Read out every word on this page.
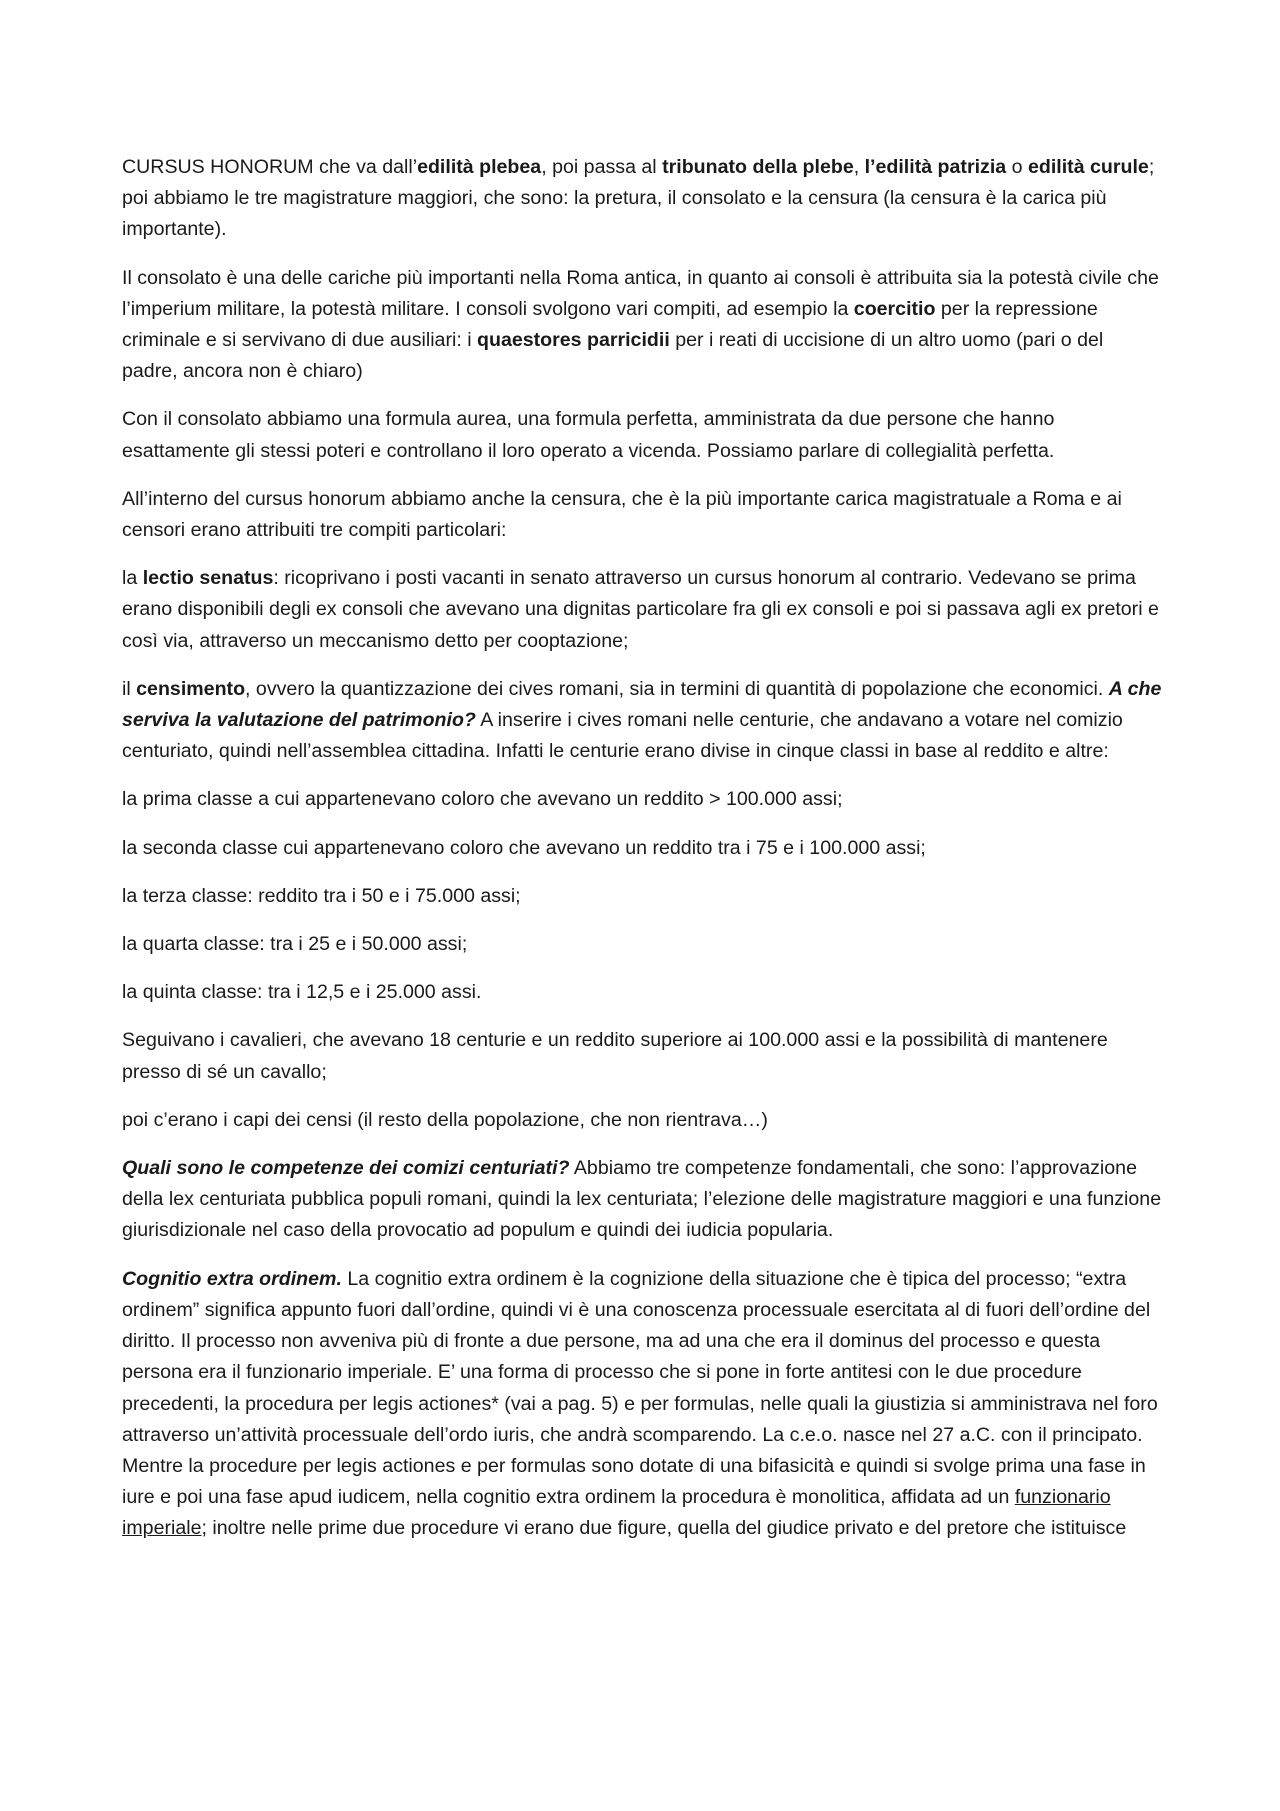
CURSUS HONORUM che va dall’edilità plebea, poi passa al tribunato della plebe, l’edilità patrizia o edilità curule; poi abbiamo le tre magistrature maggiori, che sono: la pretura, il consolato e la censura (la censura è la carica più importante).

Il consolato è una delle cariche più importanti nella Roma antica, in quanto ai consoli è attribuita sia la potestà civile che l’imperium militare, la potestà militare. I consoli svolgono vari compiti, ad esempio la coercitio per la repressione criminale e si servivano di due ausiliari: i quaestores parricidii per i reati di uccisione di un altro uomo (pari o del padre, ancora non è chiaro)

Con il consolato abbiamo una formula aurea, una formula perfetta, amministrata da due persone che hanno esattamente gli stessi poteri e controllano il loro operato a vicenda. Possiamo parlare di collegialità perfetta.

All’interno del cursus honorum abbiamo anche la censura, che è la più importante carica magistratuale a Roma e ai censori erano attribuiti tre compiti particolari:

la lectio senatus: ricoprivano i posti vacanti in senato attraverso un cursus honorum al contrario. Vedevano se prima erano disponibili degli ex consoli che avevano una dignitas particolare fra gli ex consoli e poi si passava agli ex pretori e così via, attraverso un meccanismo detto per cooptazione;

il censimento, ovvero la quantizzazione dei cives romani, sia in termini di quantità di popolazione che economici. A che serviva la valutazione del patrimonio? A inserire i cives romani nelle centurie, che andavano a votare nel comizio centuriato, quindi nell’assemblea cittadina. Infatti le centurie erano divise in cinque classi in base al reddito e altre:

la prima classe a cui appartenevano coloro che avevano un reddito > 100.000 assi;

la seconda classe cui appartenevano coloro che avevano un reddito tra i 75 e i 100.000 assi;

la terza classe: reddito tra i 50 e i 75.000 assi;

la quarta classe: tra i 25 e i 50.000 assi;

la quinta classe: tra i 12,5 e i 25.000 assi.

Seguivano i cavalieri, che avevano 18 centurie e un reddito superiore ai 100.000 assi e la possibilità di mantenere presso di sé un cavallo;

poi c’erano i capi dei censi (il resto della popolazione, che non rientrava…)

Quali sono le competenze dei comizi centuriati? Abbiamo tre competenze fondamentali, che sono: l’approvazione della lex centuriata pubblica populi romani, quindi la lex centuriata; l’elezione delle magistrature maggiori e una funzione giurisdizionale nel caso della provocatio ad populum e quindi dei iudicia popularia.

Cognitio extra ordinem. La cognitio extra ordinem è la cognizione della situazione che è tipica del processo; “extra ordinem” significa appunto fuori dall’ordine, quindi vi è una conoscenza processuale esercitata al di fuori dell’ordine del diritto. Il processo non avveniva più di fronte a due persone, ma ad una che era il dominus del processo e questa persona era il funzionario imperiale. E’ una forma di processo che si pone in forte antitesi con le due procedure precedenti, la procedura per legis actiones* (vai a pag. 5) e per formulas, nelle quali la giustizia si amministrava nel foro attraverso un’attività processuale dell’ordo iuris, che andrà scomparendo. La c.e.o. nasce nel 27 a.C. con il principato. Mentre la procedure per legis actiones e per formulas sono dotate di una bifasicità e quindi si svolge prima una fase in iure e poi una fase apud iudicem, nella cognitio extra ordinem la procedura è monolitica, affidata ad un funzionario imperiale; inoltre nelle prime due procedure vi erano due figure, quella del giudice privato e del pretore che istituisce
